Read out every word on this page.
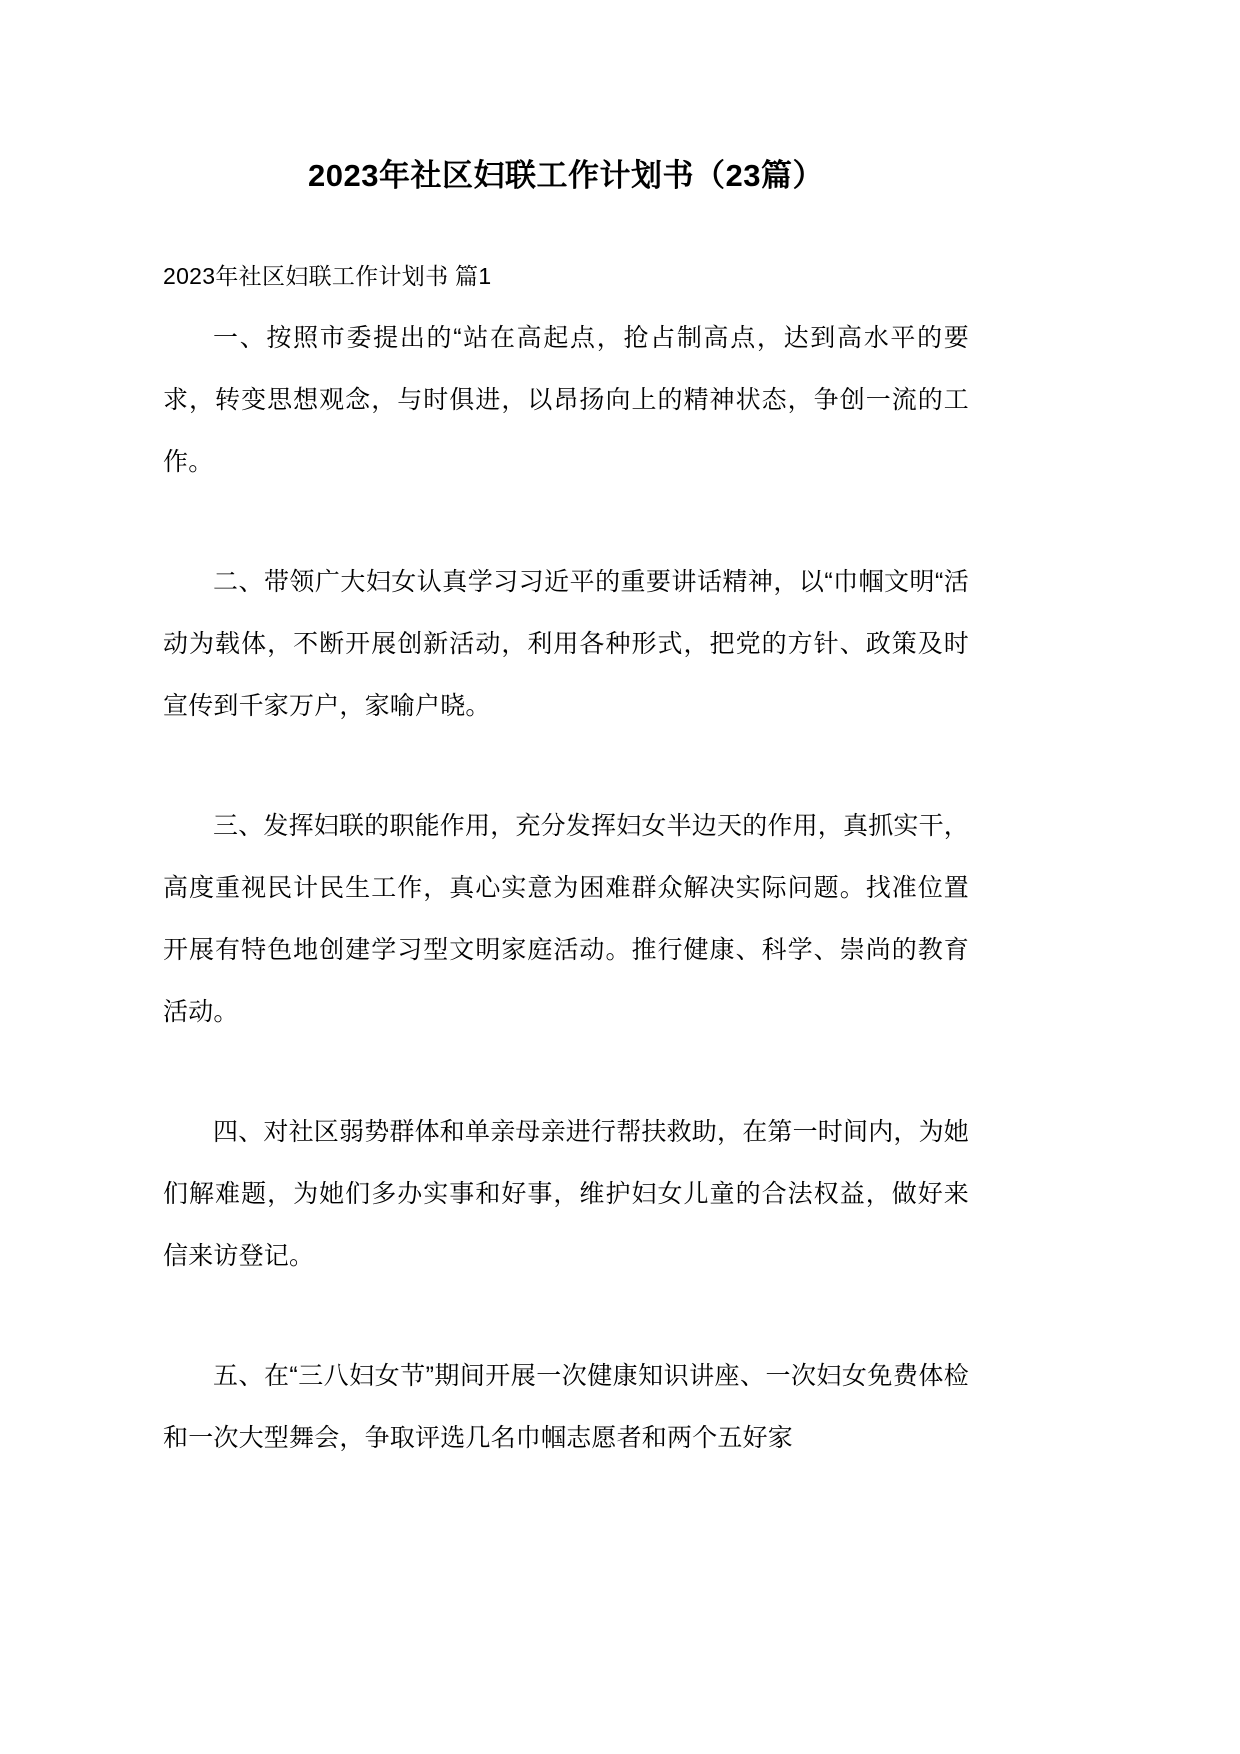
2023年社区妇联工作计划书（23篇）

2023年社区妇联工作计划书 篇1

一、按照市委提出的“站在高起点，抢占制高点，达到高水平的要求，转变思想观念，与时俱进，以昂扬向上的精神状态，争创一流的工作。

二、带领广大妇女认真学习习近平的重要讲话精神，以“巾帼文明“活动为载体，不断开展创新活动，利用各种形式，把党的方针、政策及时宣传到千家万户，家喻户晓。

三、发挥妇联的职能作用，充分发挥妇女半边天的作用，真抓实干，高度重视民计民生工作，真心实意为困难群众解决实际问题。找准位置开展有特色地创建学习型文明家庭活动。推行健康、科学、崇尚的教育活动。

四、对社区弱势群体和单亲母亲进行帮扶救助，在第一时间内，为她们解难题，为她们多办实事和好事，维护妇女儿童的合法权益，做好来信来访登记。

五、在“三八妇女节”期间开展一次健康知识讲座、一次妇女免费体检和一次大型舞会，争取评选几名巾帼志愿者和两个五好家
